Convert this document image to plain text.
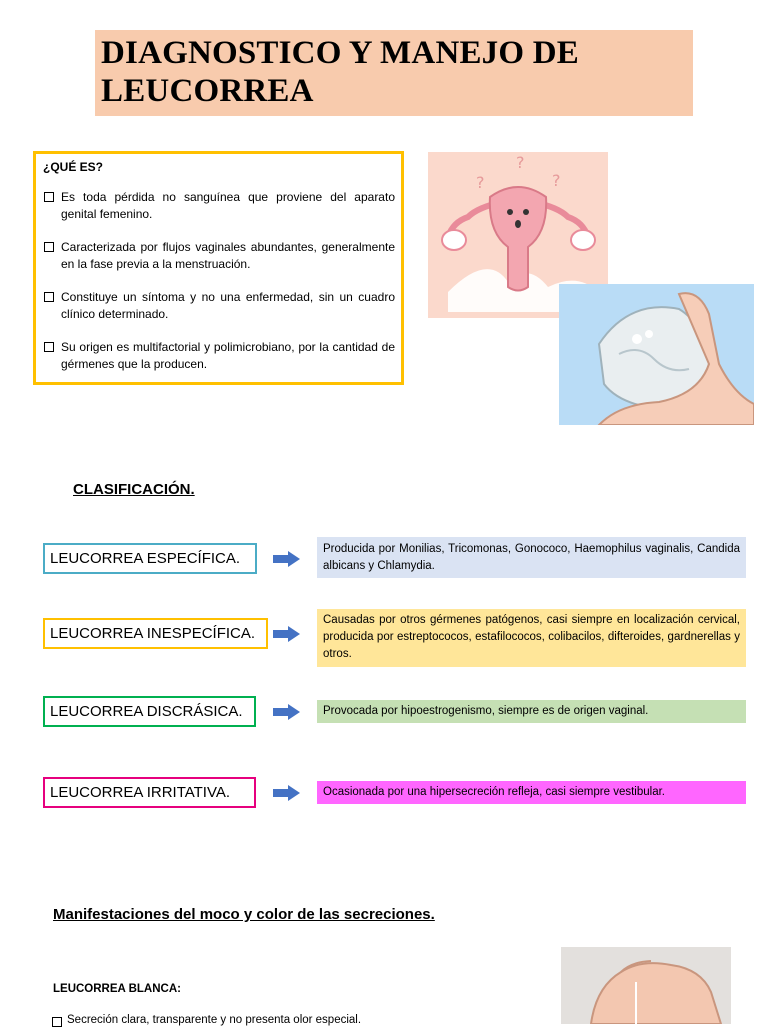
DIAGNOSTICO Y MANEJO DE
LEUCORREA
¿QUÉ ES?
Es toda pérdida no sanguínea que proviene del aparato genital femenino.
Caracterizada por flujos vaginales abundantes, generalmente en la fase previa a la menstruación.
Constituye un síntoma y no una enfermedad, sin un cuadro clínico determinado.
Su origen es multifactorial y polimicrobiano, por la cantidad de gérmenes que la producen.
?
?
?
CLASIFICACIÓN.
LEUCORREA ESPECÍFICA.
Producida por Monilias, Tricomonas, Gonococo, Haemophilus vaginalis, Candida albicans y Chlamydia.
LEUCORREA INESPECÍFICA.
Causadas por otros gérmenes patógenos, casi siempre en localización cervical, producida por estreptococos, estafilococos, colibacilos, difteroides, gardnerellas y otros.
LEUCORREA DISCRÁSICA.	Provocada por hipoestrogenismo, siempre es de origen vaginal.
LEUCORREA IRRITATIVA.	Ocasionada por una hipersecreción refleja, casi siempre vestibular.
Manifestaciones del moco y color de las secreciones.
LEUCORREA BLANCA:
Secreción clara, transparente y no presenta olor especial.
